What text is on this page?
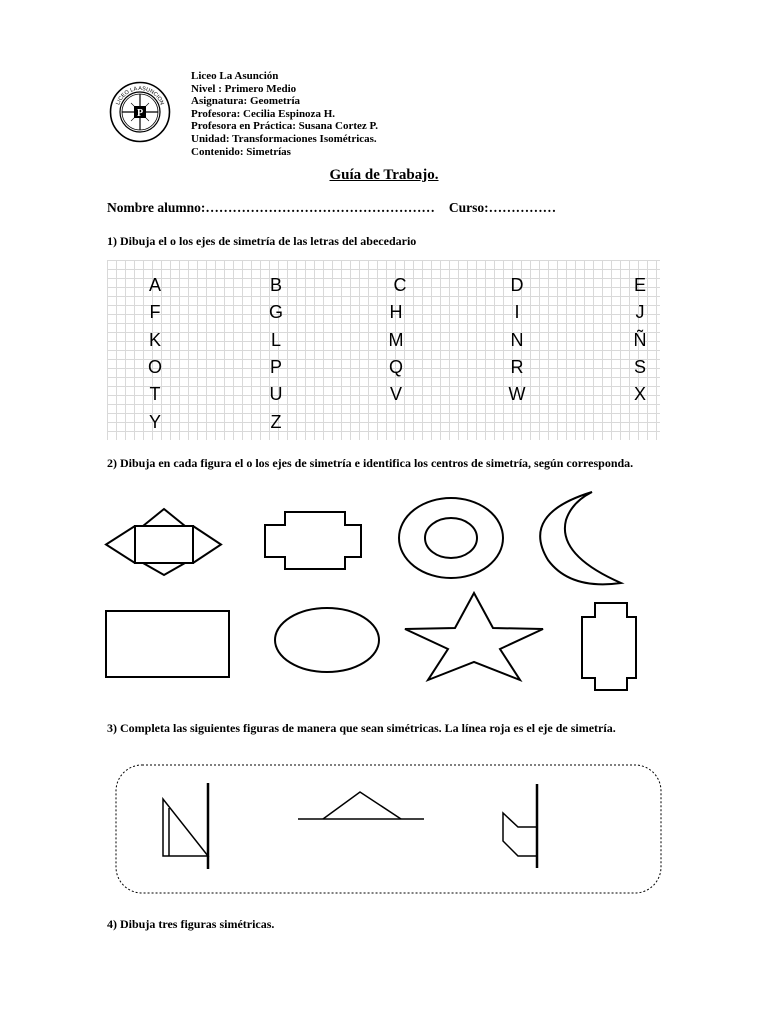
P
LICEO LA ASUNCION
Liceo La Asunción
Nivel : Primero Medio
Asignatura: Geometría
Profesora: Cecilia Espinoza H.
Profesora en Práctica: Susana Cortez P.
Unidad: Transformaciones Isométricas.
Contenido: Simetrías
Guía de Trabajo.
Nombre alumno:…………………………………………… Curso:……………
1) Dibuja el o los ejes de simetría de las letras del abecedario
A	B	C	D	E
F	G	H	I	J
K	L	M	N	Ñ
O	P	Q	R	S
T	U	V	W	X
Y	Z
2) Dibuja en cada figura el o los ejes de simetría e identifica los centros de simetría, según corresponda.
3) Completa las siguientes figuras de manera que sean simétricas. La línea roja es el eje de simetría.
4) Dibuja tres figuras simétricas.
